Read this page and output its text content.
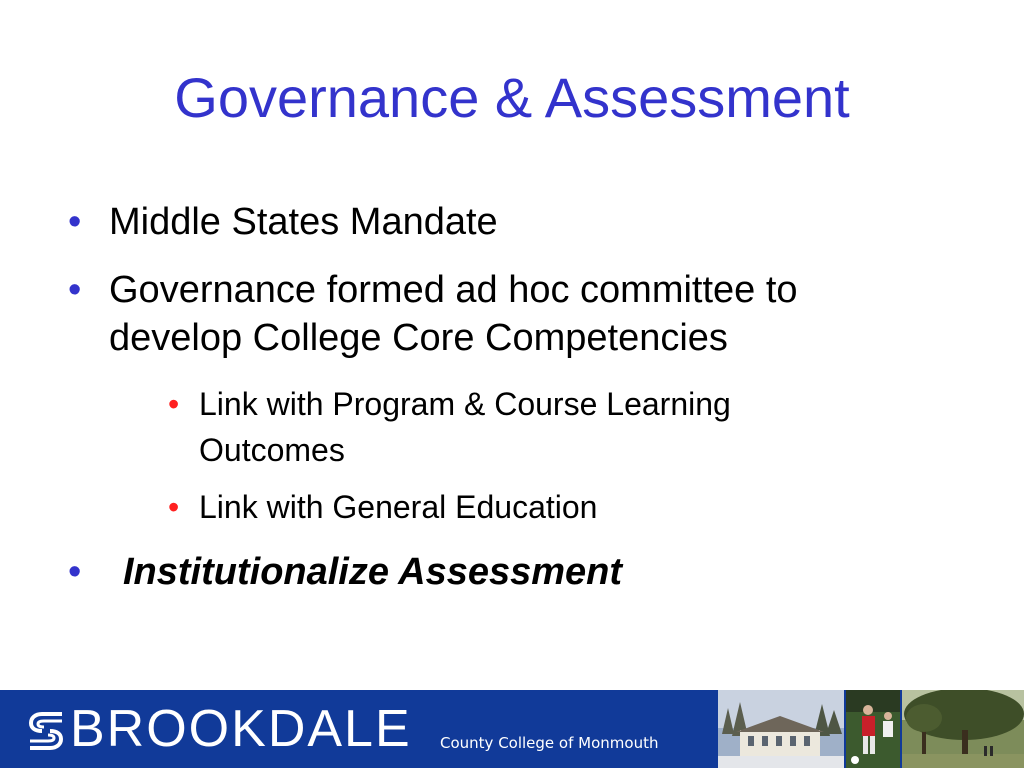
Governance & Assessment
• Middle States Mandate
• Governance formed ad hoc committee to
develop College Core Competencies
• Link with Program & Course Learning
Outcomes
• Link with General Education
•	Institutionalize Assessment
BROOKDALE County College of Monmouth
